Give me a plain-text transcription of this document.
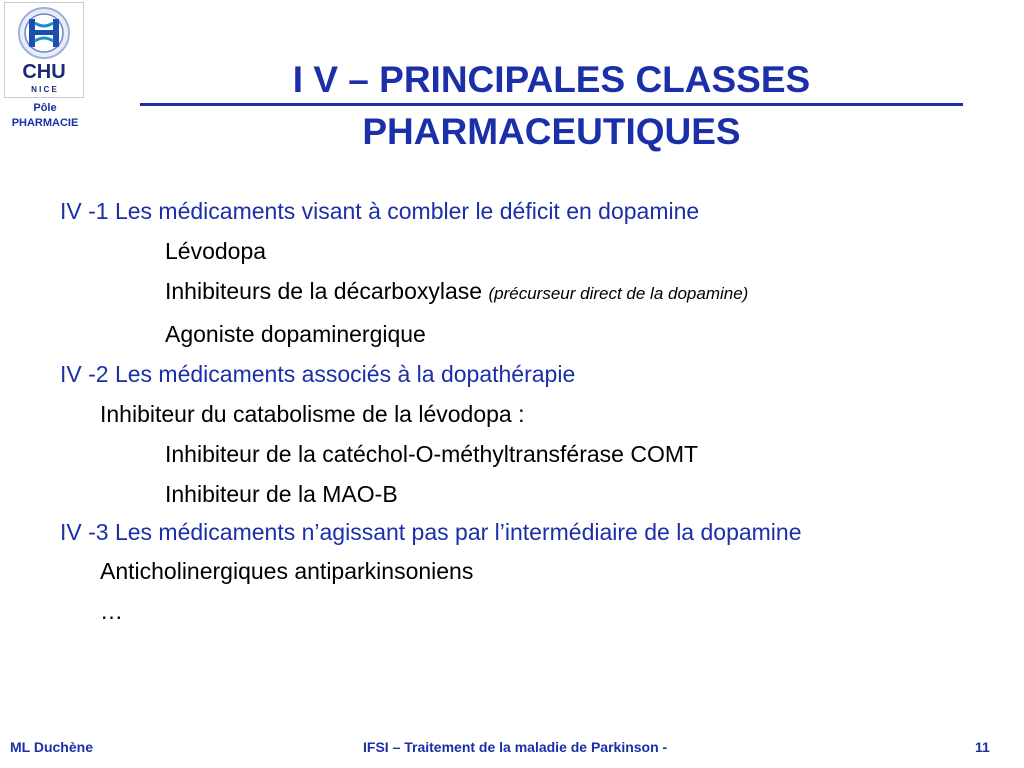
CHU
N I C E
Pôle
PHARMACIE
I V – PRINCIPALES CLASSES
PHARMACEUTIQUES
IV -1 Les médicaments visant à combler le déficit en dopamine
Lévodopa
Inhibiteurs de la décarboxylase (précurseur direct de la dopamine)
Agoniste dopaminergique
IV -2 Les médicaments associés à la dopathérapie
Inhibiteur du catabolisme de la lévodopa :
Inhibiteur de la catéchol-O-méthyltransférase COMT
Inhibiteur de la MAO-B
IV -3 Les médicaments n’agissant pas par l’intermédiaire de la dopamine
Anticholinergiques antiparkinsoniens
…
ML Duchène	IFSI – Traitement de la maladie de Parkinson -	11
